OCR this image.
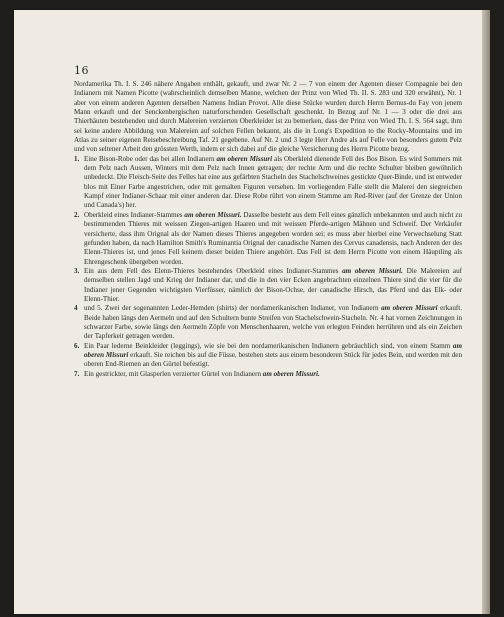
16

Nordamerika Th. I. S. 246 nähere Angaben enthält, gekauft, und zwar Nr. 2 — 7 von einem der Agenten dieser Compagnie bei den Indianern mit Namen Picotte (wahrscheinlich demselben Manne, welchen der Prinz von Wied Th. II. S. 283 und 320 erwähnt), Nr. 1 aber von einem anderen Agenten derselben Namens Indian Provot. Alle diese Stücke wurden durch Herrn Bernus-du Fay von jenem Mann erkauft und der Senckenbergischen naturforschenden Gesellschaft geschenkt. In Bezug auf Nr. 1 — 3 oder die drei aus Thierhäuten bestehenden und durch Malereien verzierten Oberkleider ist zu bemerken, dass der Prinz von Wied Th. I. S. 564 sagt, ihm sei keine andere Abbildung von Malereien auf solchen Fellen bekannt, als die in Long's Expedition to the Rocky-Mountains und im Atlas zu seiner eigenen Reisebeschreibung Taf. 21 gegebene. Auf Nr. 2 und 3 legte Herr Andre als auf Felle von besonders gutem Pelz und von seltener Arbeit den grössten Werth, indem er sich dabei auf die gleiche Versicherung des Herrn Picotte bezog.

1. Eine Bison-Robe oder das bei allen Indianern am oberen Missuri als Oberkleid dienende Fell des Bos Bison. Es wird Sommers mit dem Pelz nach Aussen, Winters mit dem Pelz nach Innen getragen; der rechte Arm und die rechte Schulter bleiben gewöhnlich unbedeckt. Die Fleisch-Seite des Felles hat eine aus gefärbten Stacheln des Stachelschweines gestickte Quer-Binde, und ist entweder blos mit Einer Farbe angestrichen, oder mit gemalten Figuren versehen. Im vorliegenden Falle stellt die Malerei den siegreichen Kampf einer Indianer-Schaar mit einer anderen dar. Diese Robe rührt von einem Stamme am Red-River (auf der Grenze der Union und Canada's) her.

2. Oberkleid eines Indianer-Stammes am oberen Missuri. Dasselbe besteht aus dem Fell eines gänzlich unbekannten und auch nicht zu bestimmenden Thieres mit weissen Ziegen-artigen Haaren und mit weissen Pferde-artigen Mähnen und Schweif. Der Verkäufer versicherte, dass ihm Orignal als der Namen dieses Thieres angegeben worden sei; es muss aber hierbei eine Verwechselung Statt gefunden haben, da nach Hamilton Smith's Ruminantia Orignal der canadische Namen des Cervus canadensis, nach Anderen der des Elenn-Thieres ist, und jenes Fell keinem dieser beiden Thiere angehört. Das Fell ist dem Herrn Picotte von einem Häuptling als Ehrengeschenk übergeben worden.

3. Ein aus dem Fell des Elenn-Thieres bestehendes Oberkleid eines Indianer-Stammes am oberen Missuri. Die Malereien auf demselben stellen Jagd und Krieg der Indianer dar, und die in den vier Ecken angebrachten einzelnen Thiere sind die vier für die Indianer jener Gegenden wichtigsten Vierfüsser, nämlich der Bison-Ochse, der canadische Hirsch, das Pferd und das Elk- oder Elenn-Thier.

4 und 5. Zwei der sogenannten Leder-Hemden (shirts) der nordamerikanischen Indianer, von Indianern am oberen Missuri erkauft. Beide haben längs den Aermeln und auf den Schultern bunte Streifen von Stachelschwein-Stacheln. Nr. 4 hat vornen Zeichnungen in schwarzer Farbe, sowie längs den Aermeln Zöpfe von Menschenhaaren, welche von erlegten Feinden herrühren und als ein Zeichen der Tapferkeit getragen werden.

6. Ein Paar lederne Beinkleider (leggings), wie sie bei den nordamerikanischen Indianern gebräuchlich sind, von einem Stamm am oberen Missuri erkauft. Sie reichen bis auf die Füsse, bestehen stets aus einem besonderen Stück für jedes Bein, und werden mit den oberen End-Riemen an den Gürtel befestigt.

7. Ein gestrickter, mit Glasperlen verzierter Gürtel von Indianern am oberen Missuri.
